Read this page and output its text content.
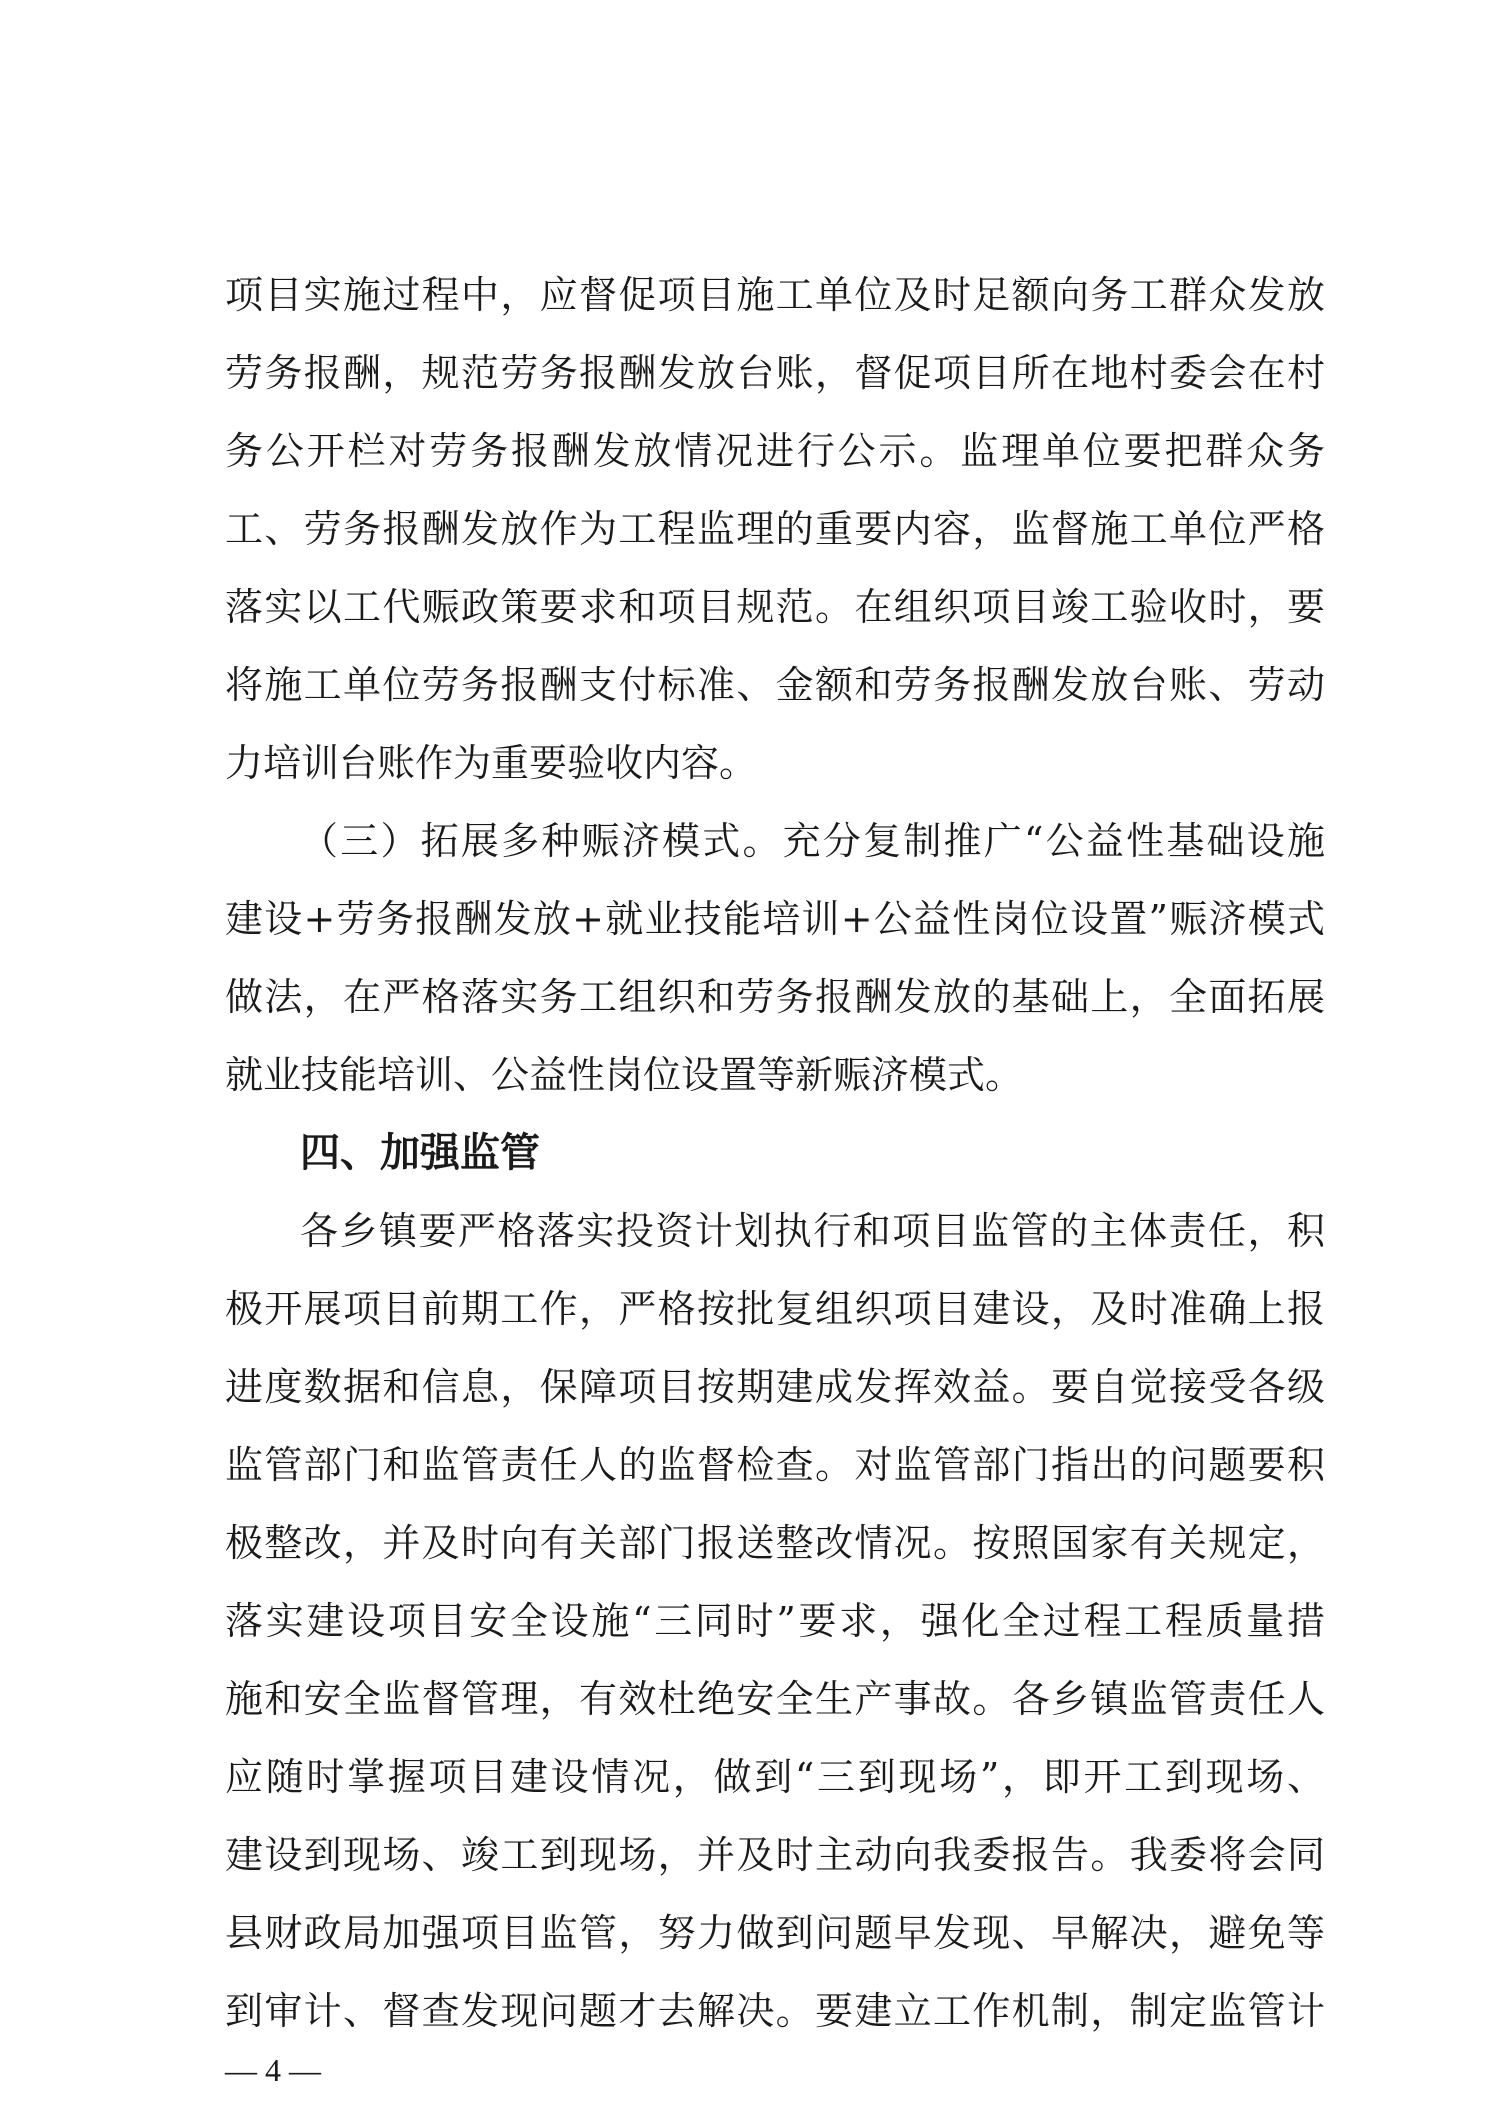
项目实施过程中，应督促项目施工单位及时足额向务工群众发放
劳务报酬，规范劳务报酬发放台账，督促项目所在地村委会在村
务公开栏对劳务报酬发放情况进行公示。监理单位要把群众务
工、劳务报酬发放作为工程监理的重要内容，监督施工单位严格
落实以工代赈政策要求和项目规范。在组织项目竣工验收时，要
将施工单位劳务报酬支付标准、金额和劳务报酬发放台账、劳动
力培训台账作为重要验收内容。
（三）拓展多种赈济模式。充分复制推广“公益性基础设施
建设+劳务报酬发放+就业技能培训+公益性岗位设置”赈济模式
做法，在严格落实务工组织和劳务报酬发放的基础上，全面拓展
就业技能培训、公益性岗位设置等新赈济模式。
四、加强监管
各乡镇要严格落实投资计划执行和项目监管的主体责任，积
极开展项目前期工作，严格按批复组织项目建设，及时准确上报
进度数据和信息，保障项目按期建成发挥效益。要自觉接受各级
监管部门和监管责任人的监督检查。对监管部门指出的问题要积
极整改，并及时向有关部门报送整改情况。按照国家有关规定，
落实建设项目安全设施“三同时”要求，强化全过程工程质量措
施和安全监督管理，有效杜绝安全生产事故。各乡镇监管责任人
应随时掌握项目建设情况，做到“三到现场”，即开工到现场、
建设到现场、竣工到现场，并及时主动向我委报告。我委将会同
县财政局加强项目监管，努力做到问题早发现、早解决，避免等
到审计、督查发现问题才去解决。要建立工作机制，制定监管计
— 4 —
